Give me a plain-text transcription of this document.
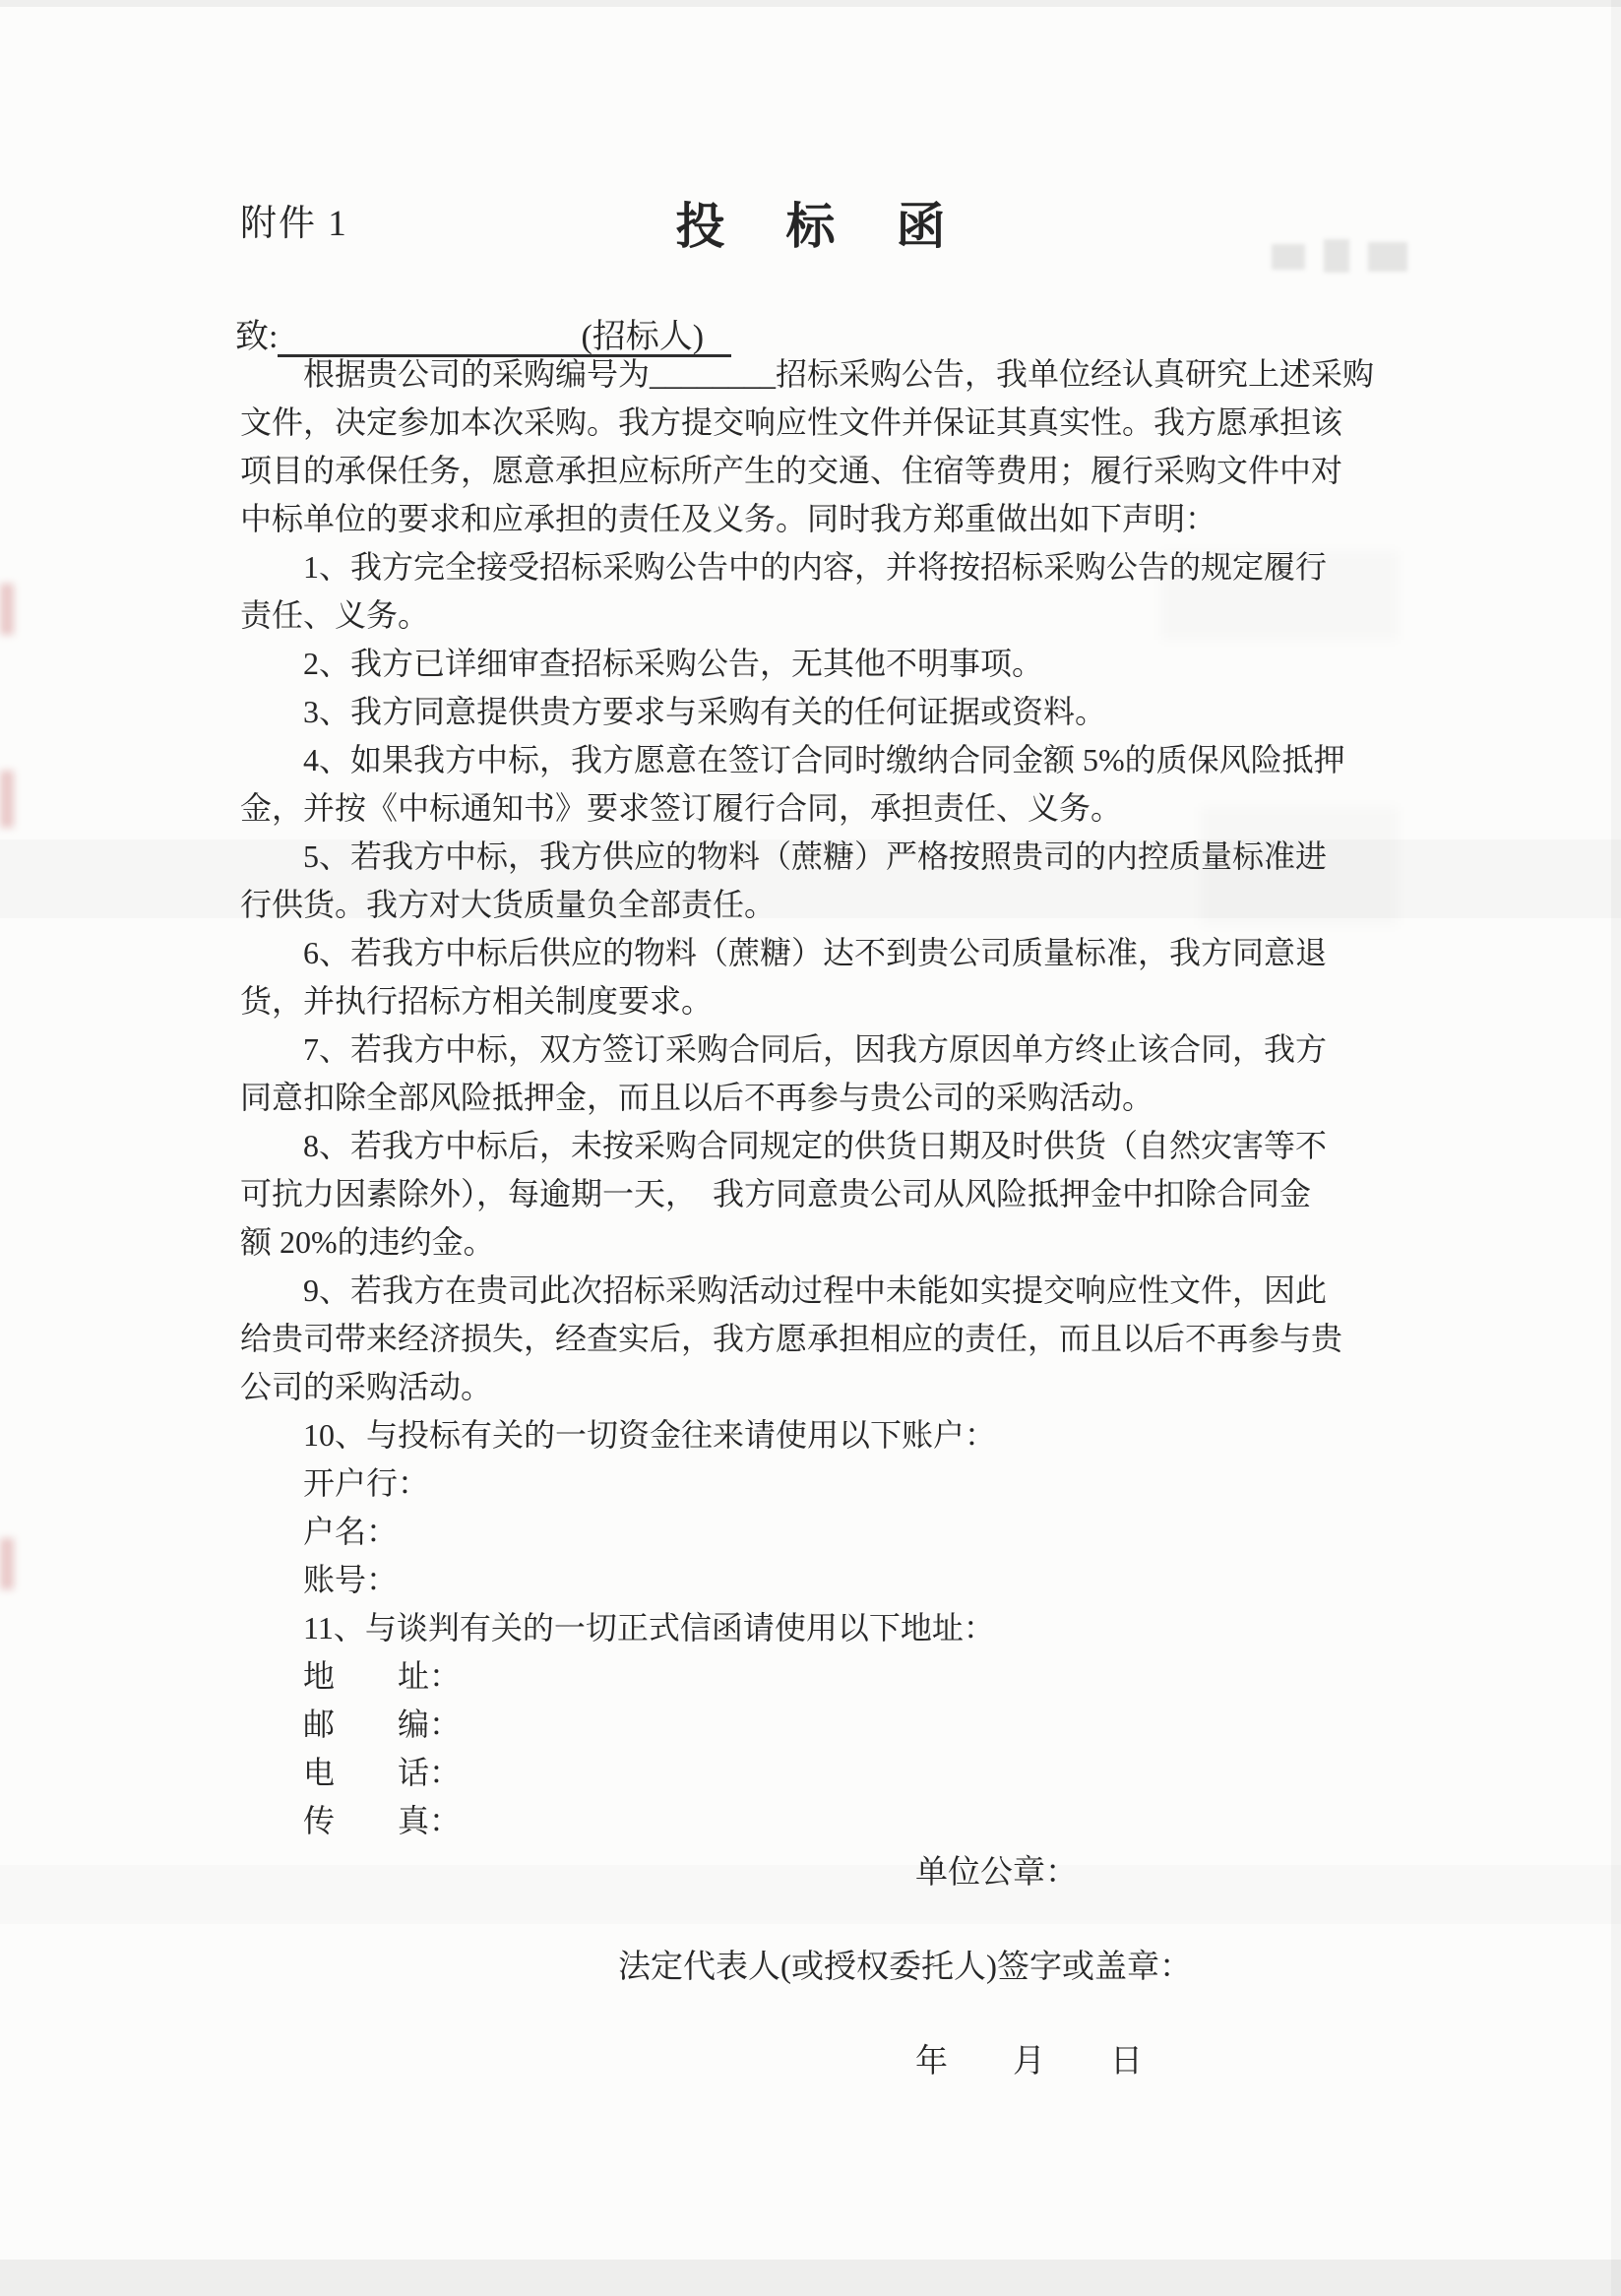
附件 1	投标函
致:	(招标人)
　　根据贵公司的采购编号为________招标采购公告，我单位经认真研究上述采购
文件，决定参加本次采购。我方提交响应性文件并保证其真实性。我方愿承担该
项目的承保任务，愿意承担应标所产生的交通、住宿等费用；履行采购文件中对
中标单位的要求和应承担的责任及义务。同时我方郑重做出如下声明：
　　1、我方完全接受招标采购公告中的内容，并将按招标采购公告的规定履行
责任、义务。
　　2、我方已详细审查招标采购公告，无其他不明事项。
　　3、我方同意提供贵方要求与采购有关的任何证据或资料。
　　4、如果我方中标，我方愿意在签订合同时缴纳合同金额 5%的质保风险抵押
金，并按《中标通知书》要求签订履行合同，承担责任、义务。
　　5、若我方中标，我方供应的物料（蔗糖）严格按照贵司的内控质量标准进
行供货。我方对大货质量负全部责任。
　　6、若我方中标后供应的物料（蔗糖）达不到贵公司质量标准，我方同意退
货，并执行招标方相关制度要求。
　　7、若我方中标，双方签订采购合同后，因我方原因单方终止该合同，我方
同意扣除全部风险抵押金，而且以后不再参与贵公司的采购活动。
　　8、若我方中标后，未按采购合同规定的供货日期及时供货（自然灾害等不
可抗力因素除外），每逾期一天，　我方同意贵公司从风险抵押金中扣除合同金
额 20%的违约金。
　　9、若我方在贵司此次招标采购活动过程中未能如实提交响应性文件，因此
给贵司带来经济损失，经查实后，我方愿承担相应的责任，而且以后不再参与贵
公司的采购活动。
　　10、与投标有关的一切资金往来请使用以下账户：
　　开户行：
　　户名：
　　账号：
　　11、与谈判有关的一切正式信函请使用以下地址：
　　地　　址：
　　邮　　编：
　　电　　话：
　　传　　真：
单位公章：
法定代表人(或授权委托人)签字或盖章：
年　　月　　日
